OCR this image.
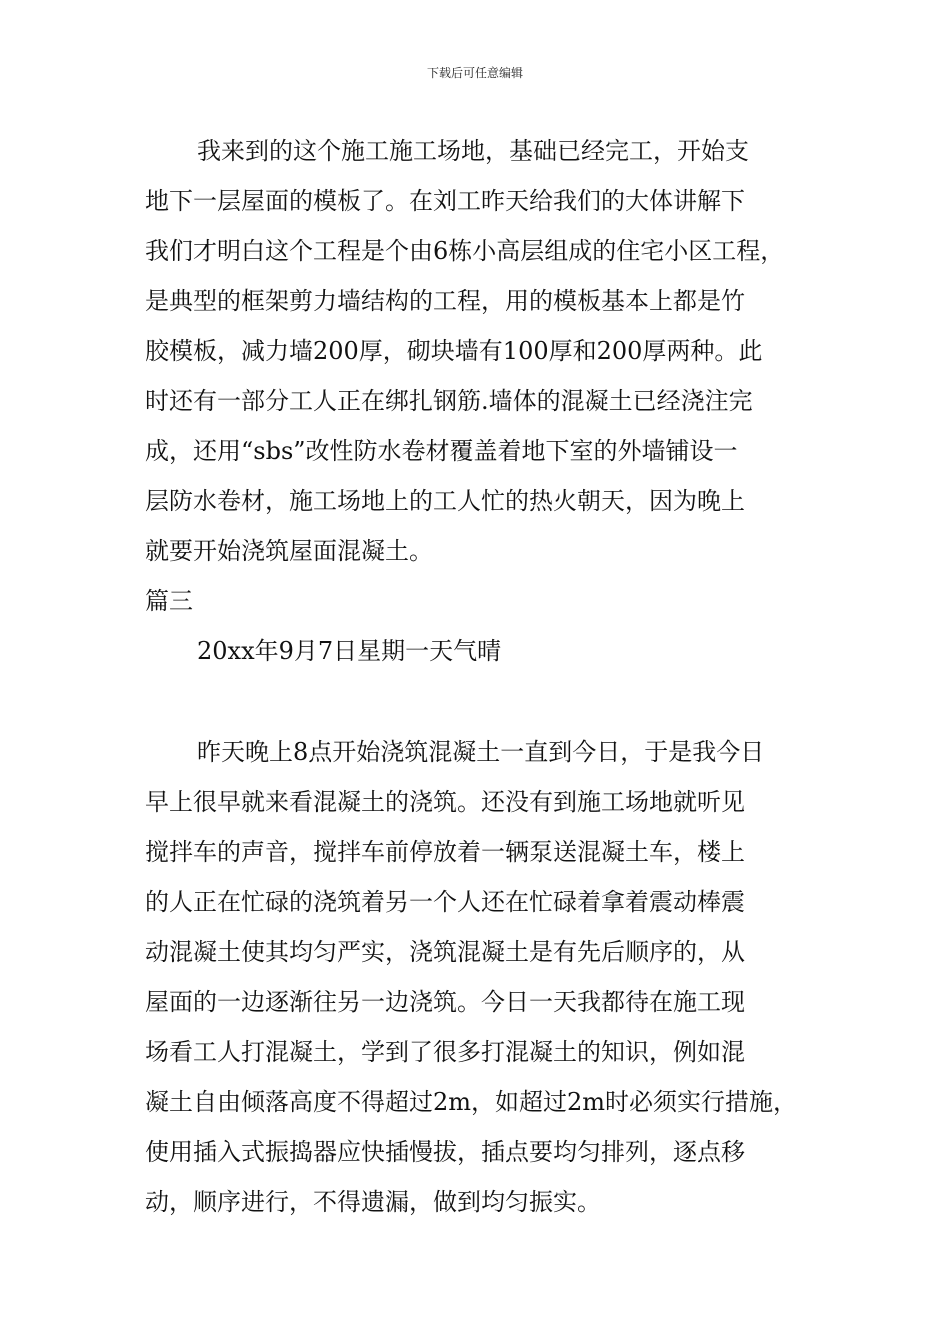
下载后可任意编辑
我来到的这个施工施工场地，基础已经完工，开始支
地下一层屋面的模板了。在刘工昨天给我们的大体讲解下
我们才明白这个工程是个由6栋小高层组成的住宅小区工程，
是典型的框架剪力墙结构的工程，用的模板基本上都是竹
胶模板，减力墙200厚，砌块墙有100厚和200厚两种。此
时还有一部分工人正在绑扎钢筋.墙体的混凝土已经浇注完
成，还用“sbs”改性防水卷材覆盖着地下室的外墙铺设一
层防水卷材，施工场地上的工人忙的热火朝天，因为晚上
就要开始浇筑屋面混凝土。
篇三
20xx年9月7日星期一天气晴
昨天晚上8点开始浇筑混凝土一直到今日，于是我今日
早上很早就来看混凝土的浇筑。还没有到施工场地就听见
搅拌车的声音，搅拌车前停放着一辆泵送混凝土车，楼上
的人正在忙碌的浇筑着另一个人还在忙碌着拿着震动棒震
动混凝土使其均匀严实，浇筑混凝土是有先后顺序的，从
屋面的一边逐渐往另一边浇筑。今日一天我都待在施工现
场看工人打混凝土，学到了很多打混凝土的知识，例如混
凝土自由倾落高度不得超过2m，如超过2m时必须实行措施，
使用插入式振捣器应快插慢拔，插点要均匀排列，逐点移
动，顺序进行，不得遗漏，做到均匀振实。
